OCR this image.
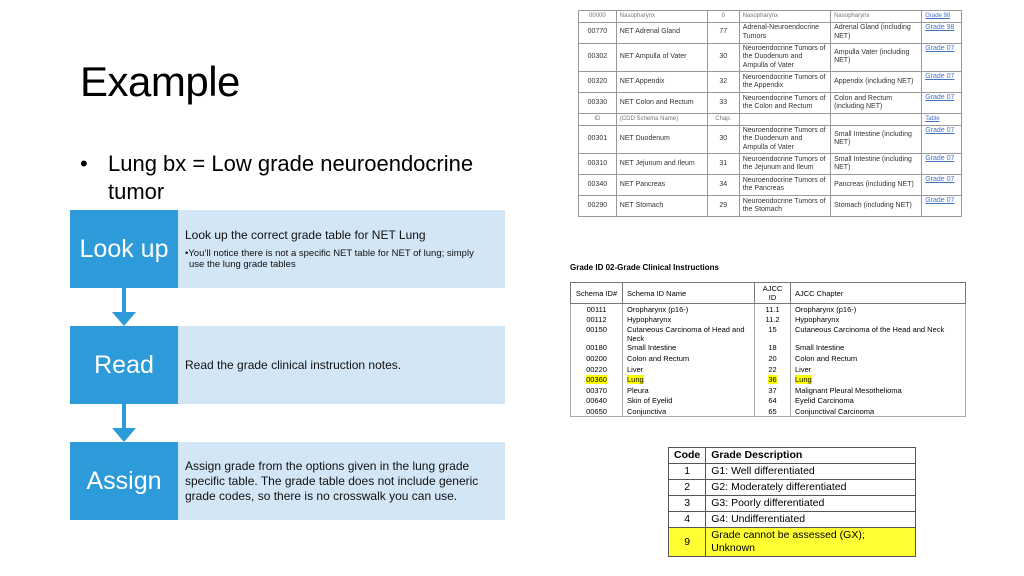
Example
• Lung bx = Low grade neuroendocrine tumor
Look up	Look up the correct grade table for NET Lung
•You’ll notice there is not a specific NET table for NET of lung; simply
use the lung grade tables
Read	Read the grade clinical instruction notes.
Assign
Assign grade from the options given in the lung grade specific table. The grade table does not include generic grade codes, so there is no crosswalk you can use.
00000	Nasopharynx	0	Nasopharynx	Nasopharynx	Grade 98
00770	NET Adrenal Gland	77	Adrenal-Neuroendocrine Tumors	Adrenal Gland (including NET)	Grade 98
00302	NET Ampulla of Vater	30	Neuroendocrine Tumors of the Duodenum and Ampulla of Vater	Ampulla Vater (including NET)	Grade 07
00320	NET Appendix	32	Neuroendocrine Tumors of the Appendix	Appendix (including NET)	Grade 07
00330	NET Colon and Rectum	33	Neuroendocrine Tumors of the Colon and Rectum	Colon and Rectum (including NET)	Grade 07
ID	(CDD Schema Name)	Chap.			Table
00301	NET Duodenum	30	Neuroendocrine Tumors of the Duodenum and Ampulla of Vater	Small Intestine (including NET)	Grade 07
00310	NET Jejunum and Ileum	31	Neuroendocrine Tumors of the Jejunum and Ileum	Small Intestine (including NET)	Grade 07
00340	NET Pancreas	34	Neuroendocrine Tumors of the Pancreas	Pancreas (including NET)	Grade 07
00290	NET Stomach	29	Neuroendocrine Tumors of the Stomach	Stomach (including NET)	Grade 07
Grade ID 02-Grade Clinical Instructions
Schema ID#	Schema ID Name	AJCC ID	AJCC Chapter
00111	Oropharynx (p16-)	11.1	Oropharynx (p16-)
00112	Hypopharynx	11.2	Hypopharynx
00150	Cutaneous Carcinoma of Head and Neck	15	Cutaneous Carcinoma of the Head and Neck
00180	Small Intestine	18	Small Intestine
00200	Colon and Rectum	20	Colon and Rectum
00220	Liver	22	Liver
00360	Lung	36	Lung
00370	Pleura	37	Malignant Pleural Mesothelioma
00640	Skin of Eyelid	64	Eyelid Carcinoma
00650	Conjunctiva	65	Conjunctival Carcinoma
Code	Grade Description
1	G1: Well differentiated
2	G2: Moderately differentiated
3	G3: Poorly differentiated
4	G4: Undifferentiated
9	Grade cannot be assessed (GX); Unknown
